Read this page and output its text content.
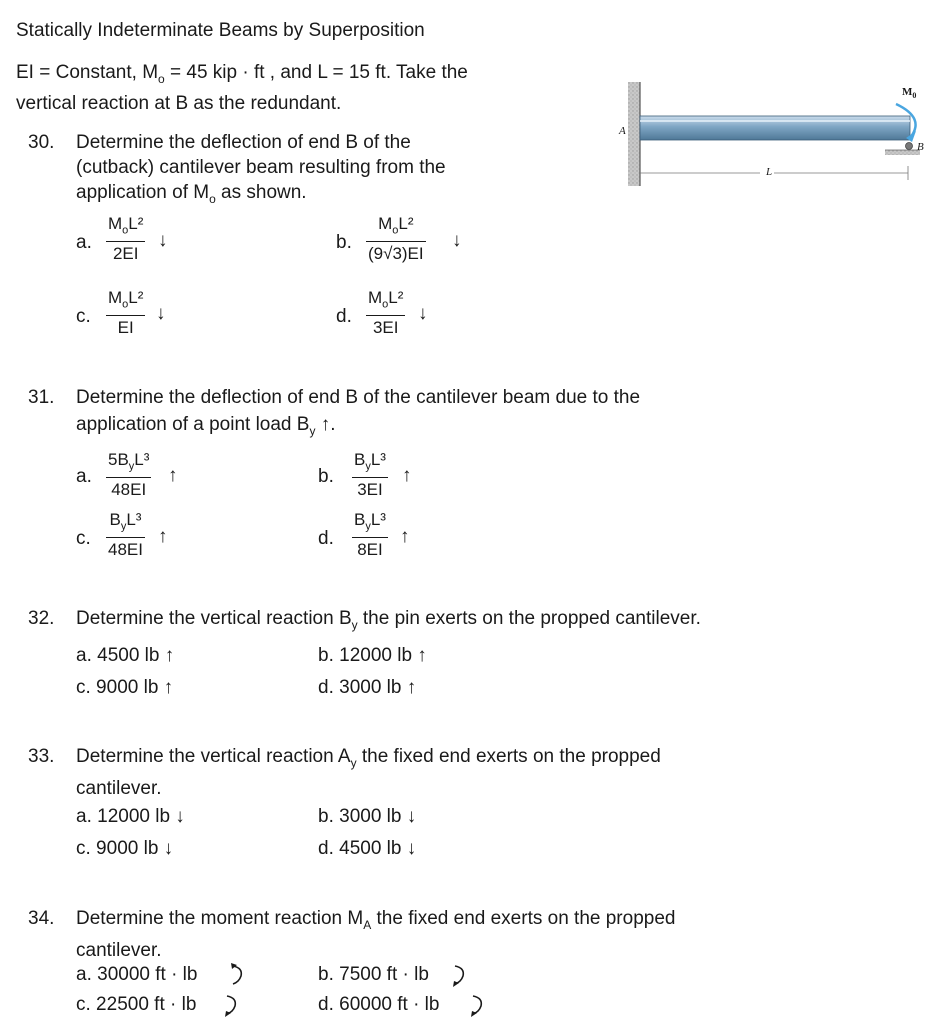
Statically Indeterminate Beams by Superposition
EI = Constant, $M_o = 45$ kip · ft , and L = 15 ft. Take the
vertical reaction at B as the redundant.
A
B
L
$M_0$
30. Determine the deflection of end B of the
(cutback) cantilever beam resulting from the
application of $M_o$ as shown.
a.
$M_oL^2$
2EI
↓	b.
$M_oL^2$
(9√3)EI
↓
c.
$M_oL^2$
EI
↓	d.
$M_oL^2$
3EI
↓
31. Determine the deflection of end B of the cantilever beam due to the
application of a point load $B_y$ ↑.
a.
$5B_yL^3$
48EI
↑	b.
$B_yL^3$
3EI
↑
c.
$B_yL^3$
48EI
↑	d.
$B_yL^3$
8EI
↑
32. Determine the vertical reaction $B_y$ the pin exerts on the propped cantilever.
a. 4500 lb ↑	b. 12000 lb ↑
c. 9000 lb ↑	d. 3000 lb ↑
33. Determine the vertical reaction $A_y$ the fixed end exerts on the propped
cantilever.
a. 12000 lb ↓	b. 3000 lb ↓
c. 9000 lb ↓	d. 4500 lb ↓
34. Determine the moment reaction $M_A$ the fixed end exerts on the propped
cantilever.
a. 30000 ft · lb	b. 7500 ft · lb
c. 22500 ft · lb	d. 60000 ft · lb
